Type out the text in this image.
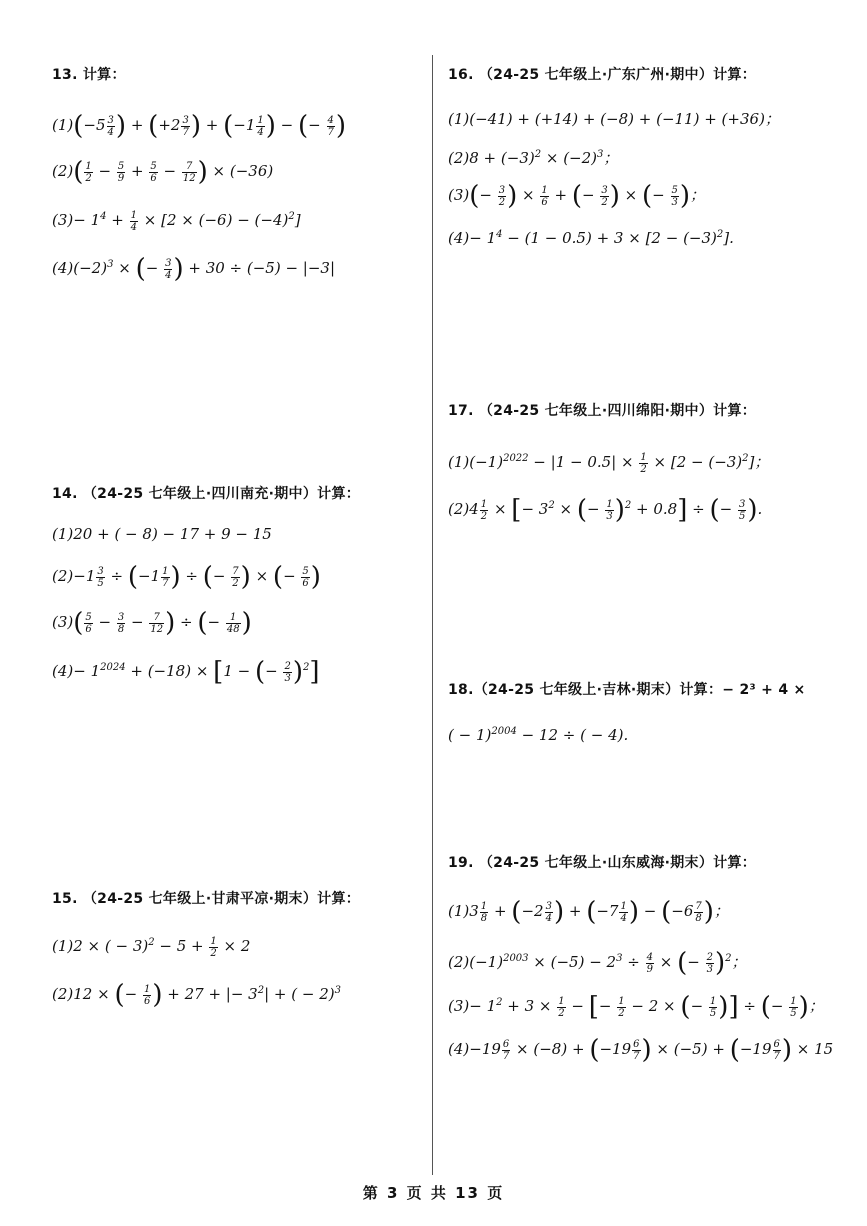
13. 计算：
$(1)(-5 \frac{3}{4}$ ) + ($+2 \frac{3}{7}$ ) + ($-1 \frac{1}{4}$ ) − (− $\frac{4}{7}$ )
$(2)( \frac{1}{2} - \frac{5}{9} + \frac{5}{6} - \frac{7}{12}$ ) × (−36)
$(3)- 1^4 + \frac{1}{4} \times [2 \times (-6) - (-4)^2]$
$(4)(-2)^3$ × (− $\frac{3}{4}$ ) + 30 ÷ (−5) − |−3|
14. （24-25 七年级上·四川南充·期中）计算：
(1)20 + ( − 8) − 17 + 9 − 15
$(2)-1 \frac{3}{5} \div (-1 \frac{1}{7}$ ) ÷ (− $\frac{7}{2}$ ) × (− $\frac{5}{6}$ )
$(3)( \frac{5}{6} - \frac{3}{8} - \frac{7}{12}$ ) ÷ (− $\frac{1}{48}$ )
$(4)- 1^{2024} + (-18) \times [1$ − (− $\frac{2}{3} )^2$]
15. （24-25 七年级上·甘肃平凉·期末）计算：
(1)2 × ( − $3)^2 - 5 + \frac{1}{2} \times 2$
(2)12 × (− $\frac{1}{6}$ ) + 27 + |− $3^2|$ + ( − 2)$^3$
16. （24-25 七年级上·广东广州·期中）计算：
(1)(−41) + (+14) + (−8) + (−11) + (+36)；
$(2)8 + (-3)^2 \times (-2)^3$；
$(3)(- \frac{3}{2}$ ) × $\frac{1}{6}$ + (− $\frac{3}{2}$ ) × (− $\frac{5}{3}$ )；
$(4)- 1^4 - (1 - 0.5) + 3 \times [2 - (-3)^2]$.
17. （24-25 七年级上·四川绵阳·期中）计算：
$(1)(-1)^{2022} - |1 - 0.5| \times \frac{1}{2} \times [2 - (-3)^2]$；
$(2)4 \frac{1}{2}$ × [− $3^2$ × (− $\frac{1}{3} )^2 + 0.8$] ÷ (− $\frac{3}{5}$ ).
18.（24-25 七年级上·吉林·期末）计算：− 2³ + 4 ×
( − 1)$^{2004}$ − 12 ÷ ( − 4).
19. （24-25 七年级上·山东威海·期末）计算：
$(1)3 \frac{1}{8} + (-2 \frac{3}{4}$ ) + ($-7 \frac{1}{4}$ ) − ($-6 \frac{7}{8}$ )；
$(2)(-1)^{2003} \times (-5) - 2^3 \div \frac{4}{9}$ × (− $\frac{2}{3} )^2$；
$(3)- 1^2 + 3 \times \frac{1}{2}$ − [− $\frac{1}{2} - 2$ × (− $\frac{1}{5}$ )] ÷ (− $\frac{1}{5}$ )；
$(4)-19 \frac{6}{7} \times (-8) + (-19 \frac{6}{7}$ ) × $(-5) + (-19 \frac{6}{7}$ ) × 15
第 3 页 共 13 页
